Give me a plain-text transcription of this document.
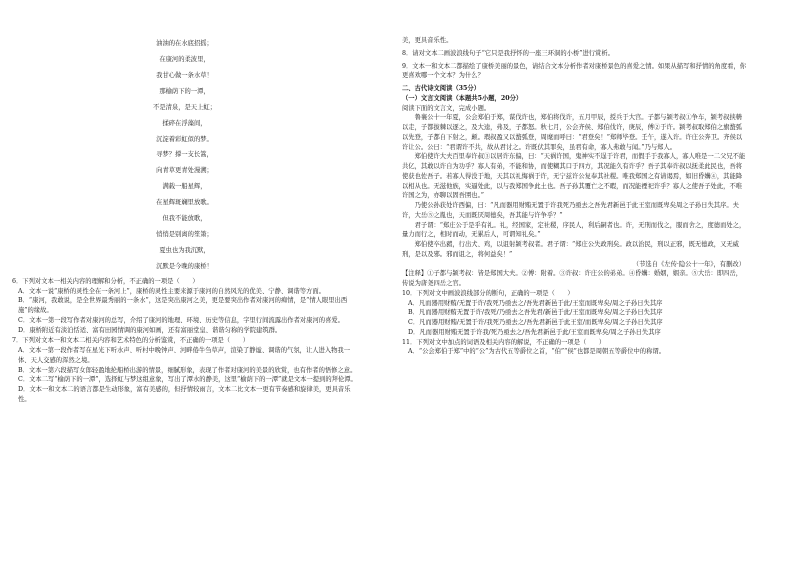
油油的在水底招摇；
在康河的柔波里，
我甘心做一条水草！
那榆荫下的一潭，
不是清泉，是天上虹；
揉碎在浮藻间，
沉淀着彩虹似的梦。
寻梦？撑一支长篙，
向青草更青处漫溯；
满载一船星辉，
在星辉斑斓里放歌。
但我不能放歌，
悄悄是别离的笙箫；
夏虫也为我沉默，
沉默是今晚的康桥！

6．下列对文本一相关内容的理解和分析，不正确的一项是（　　）

A．文本一说“康桥的灵性全在一条河上”，康桥的灵性主要来源于康河的自然风光的优美、宁静、调谐等方面。

B．“康河，我敢说，是全世界最秀丽的一条水”，这是突出康河之美，更是要突出作者对康河的痴情，是“情人眼里出西施”的缘故。

C．文本一第一段写作者对康河的总写，介绍了康河的地理、环境、历史等信息，字里行间流露出作者对康河的喜爱。

D．康桥附近有淡泊恬适、富有田园情调的康河如画，还有富丽堂皇、谐谐匀称的学院建筑群。

7．下列对文本一和文本二相关内容和艺术特色的分析鉴赏，不正确的一项是（　　）

A．文本一第一段作者写在星光下听水声、听村中晚钟声、河畔倦牛刍草声，渲染了静谧、调谐的气氛，让人进入物我一体、天人交感的浑然之境。

B．文本一第六段描写女郎轻盈地抡船桥出游的情景，细腻形象，表现了作者对康河的美景的欣赏，也有作者的悟修之意。

C．文本二写“榆荫下的一潭”，选择虹与梦这组意象，写出了潭水的静美，这里“榆荫下的一潭”就是文本一提到的拜伦潭。

D．文本一和文本二的语言都是生动形象，富有美感的，但抒情较雨言，文本二比文本一更有节奏感和旋律美，更具音乐性。

美，更具音乐性。

8．请对文本二画波浪线句子“它只是我抒怀的一座三环洞的小桥”进行赏析。

9．文本一和文本二都描绘了康桥美丽的景色，请结合文本分析作者对康桥景色的喜爱之情。如果从描写和抒情的角度看，你更喜欢哪一个文本？为什么？

二、古代诗文阅读（35分）

（一）文言文阅读（本题共5小题，20分）

阅读下面的文言文，完成小题。

鲁襄公十一年夏，公会郑伯于郑，谋伐许也，郑伯将伐许，五月甲辰，授兵于大宫。子都与颍考叔①争车，颍考叔挟輈以走，子都拔棘以逐之，及大逵，弗及，子都怒。秋七月，公会齐侯、郑伯伐许，庚辰，傅②于许。颍考叔取郑伯之旗蝥弧以先登，子都自下射之，颠。瑕叔盈又以蝥弧登，周麾而呼曰：“君登矣！”郑师毕登。壬午，遂入许。许庄公奔卫。齐侯以许让公。公曰：“君谓许不共，故从君讨之。许既伏其罪矣，虽君有命，寡人弗敢与闻。”乃与郑人。

郑伯使许大夫百里奉许叔③以居许东偏，曰：“天祸许国，鬼神实不逞于许君，而假手于我寡人，寡人唯是一二父兄不能共亿，其敢以许自为功乎？寡人有弟，不能和协，而使糊其口于四方，其况能久有许乎？吾子其奉许叔以抚柔此民也，吾将使获也佐吾子。若寡人得没于地，天其以礼悔祸于许，无宁兹许公复奉其社稷。唯我郑国之有请谒焉，如旧昏媾④，其能降以相从也。无滋他族，实逼处此，以与我郑国争此土也。吾子孙其覆亡之不暇，而况能禋祀许乎？寡人之使吾子处此，不唯许国之为，亦聊以固吾圉也。”

乃使公孙获处许西偏，曰：“凡而器用财贿无置于许我死乃亟去之吾先君新邑于此王室而既卑矣周之子孙日失其序。夫许，大岳⑤之胤也，天而既厌周德矣，吾其能与许争乎？”

君子谓：“郑庄公于是乎有礼。礼，经国家，定社稷，序民人，利后嗣者也。许，无刑而伐之，服而舍之，度德而处之，量力而行之，相时而动，无累后人，可谓知礼矣。”

郑伯使卒出豭，行出犬、鸡，以诅射颍考叔者。君子谓：“郑庄公失政刑矣。政以治民，刑以正邪，既无德政，又无威刑，是以及邪。邪而诅之，将何益矣！”

（节选自《左传·隐公十一年》，有删改）

【注释】①子都与颍考叔：皆是郑国大夫。②傅：附着。③许叔：许庄公的弟弟。④昏媾：婚姻，姻亲。⑤大岳：即四岳，传说为唐尧四岳之官。

10．下列对文中画波浪线部分的断句，正确的一项是（　　）

A．凡而器用财贿/无置于许/我死乃亟去之/吾先君新邑于此/王室而既卑矣/周之子孙日失其序

B．凡而器用财贿无置于许/我死/乃亟去之吾先君/新邑于此/王室而既卑矣/周之子孙日失其序

C．凡而器用财贿/无置于许/我死乃亟去之/吾先君新邑于此王室/而既卑矣/周之子孙日失其序

D．凡而器用财贿无置于许我/死乃亟去之/吾先君新邑于此/王室而既卑矣/周之子孙日失其序

11．下列对文中加点的词语及相关内容的解说，不正确的一项是（　　）

A．“公会郑伯于郑”中的“公”为古代五等爵位之首，“伯”“侯”也都是周朝五等爵位中的称谓。
